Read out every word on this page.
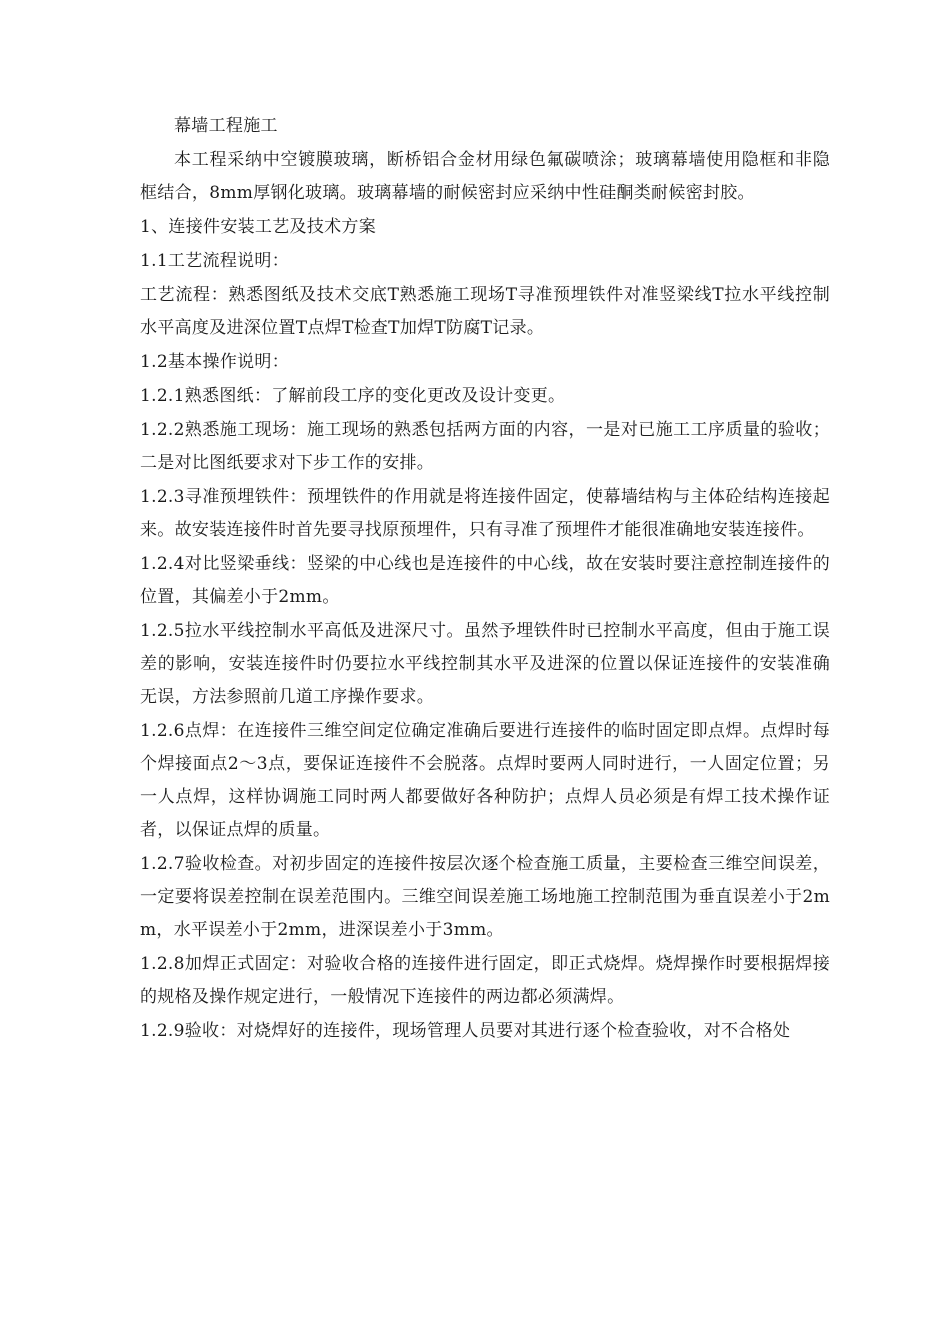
幕墙工程施工

本工程采纳中空镀膜玻璃，断桥铝合金材用绿色氟碳喷涂；玻璃幕墙使用隐框和非隐框结合，8mm厚钢化玻璃。玻璃幕墙的耐候密封应采纳中性硅酮类耐候密封胶。

1、连接件安装工艺及技术方案

1.1工艺流程说明：

工艺流程：熟悉图纸及技术交底T熟悉施工现场T寻准预埋铁件对准竖梁线T拉水平线控制水平高度及进深位置T点焊T检查T加焊T防腐T记录。

1.2基本操作说明：

1.2.1熟悉图纸：了解前段工序的变化更改及设计变更。

1.2.2熟悉施工现场：施工现场的熟悉包括两方面的内容，一是对已施工工序质量的验收；二是对比图纸要求对下步工作的安排。

1.2.3寻准预埋铁件：预埋铁件的作用就是将连接件固定，使幕墙结构与主体砼结构连接起来。故安装连接件时首先要寻找原预埋件，只有寻准了预埋件才能很准确地安装连接件。

1.2.4对比竖梁垂线：竖梁的中心线也是连接件的中心线，故在安装时要注意控制连接件的位置，其偏差小于2mm。

1.2.5拉水平线控制水平高低及进深尺寸。虽然予埋铁件时已控制水平高度，但由于施工误差的影响，安装连接件时仍要拉水平线控制其水平及进深的位置以保证连接件的安装准确无误，方法参照前几道工序操作要求。

1.2.6点焊：在连接件三维空间定位确定准确后要进行连接件的临时固定即点焊。点焊时每个焊接面点2〜3点，要保证连接件不会脱落。点焊时要两人同时进行，一人固定位置；另一人点焊，这样协调施工同时两人都要做好各种防护；点焊人员必须是有焊工技术操作证者，以保证点焊的质量。

1.2.7验收检查。对初步固定的连接件按层次逐个检查施工质量，主要检查三维空间误差，一定要将误差控制在误差范围内。三维空间误差施工场地施工控制范围为垂直误差小于2mm，水平误差小于2mm，进深误差小于3mm。

1.2.8加焊正式固定：对验收合格的连接件进行固定，即正式烧焊。烧焊操作时要根据焊接的规格及操作规定进行，一般情况下连接件的两边都必须满焊。

1.2.9验收：对烧焊好的连接件，现场管理人员要对其进行逐个检查验收，对不合格处
